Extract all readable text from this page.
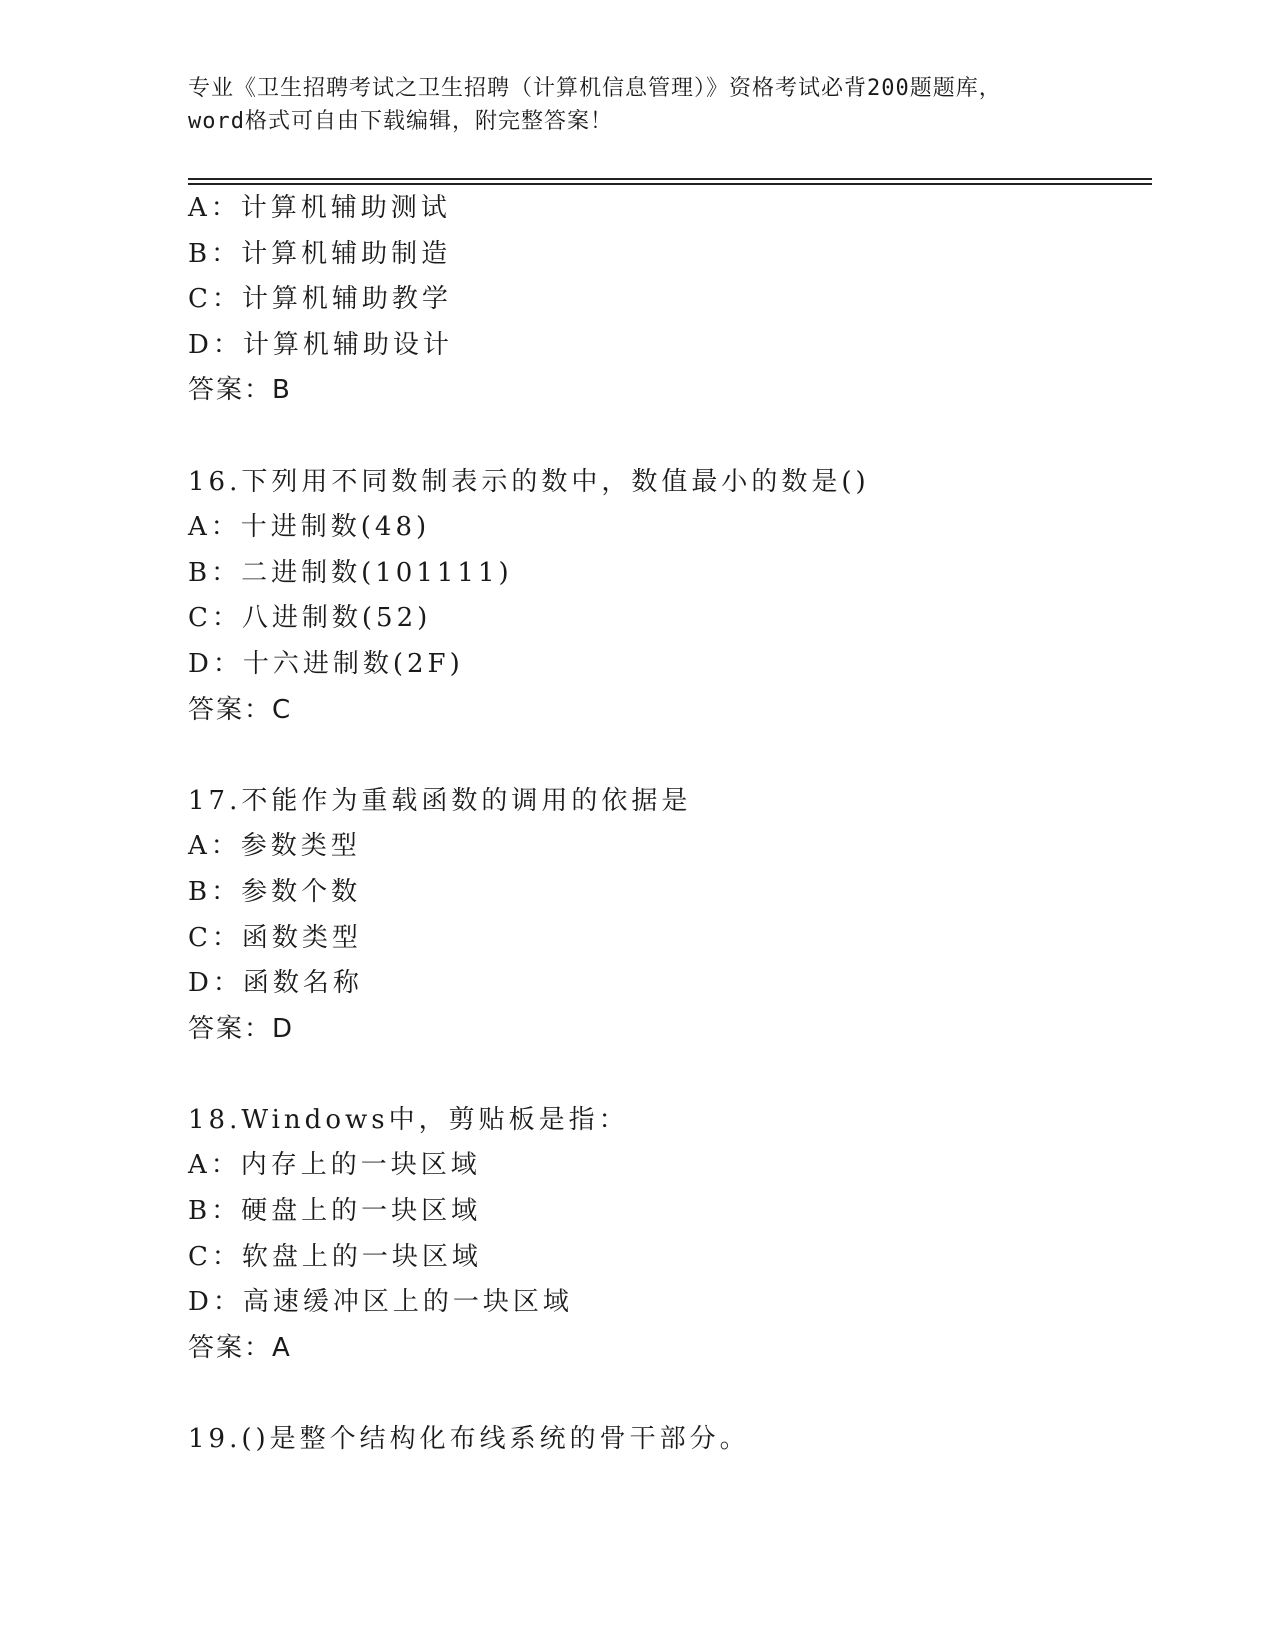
专业《卫生招聘考试之卫生招聘（计算机信息管理）》资格考试必背200题题库，
word格式可自由下载编辑，附完整答案！
A：计算机辅助测试
B：计算机辅助制造
C：计算机辅助教学
D：计算机辅助设计
答案：B
16.下列用不同数制表示的数中，数值最小的数是()
A：十进制数(48)
B：二进制数(101111)
C：八进制数(52)
D：十六进制数(2F)
答案：C
17.不能作为重载函数的调用的依据是
A：参数类型
B：参数个数
C：函数类型
D：函数名称
答案：D
18.Windows中，剪贴板是指：
A：内存上的一块区域
B：硬盘上的一块区域
C：软盘上的一块区域
D：高速缓冲区上的一块区域
答案：A
19.()是整个结构化布线系统的骨干部分。
